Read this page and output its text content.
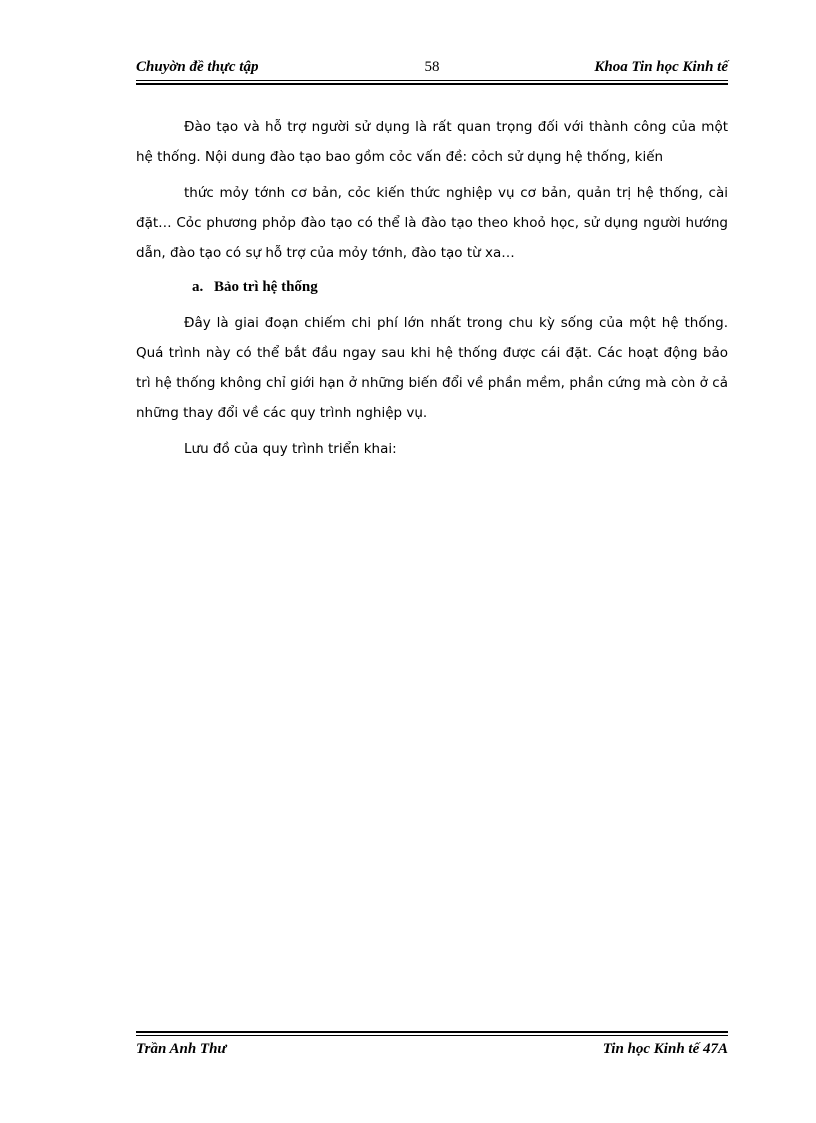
Chuyờn đề thực tập	58	Khoa Tin học Kinh tế

Đào tạo và hỗ trợ người sử dụng là rất quan trọng đối với thành công của một hệ thống. Nội dung đào tạo bao gồm cỏc vấn đề: cỏch sử dụng hệ thống, kiến

thức mỏy tớnh cơ bản, cỏc kiến thức nghiệp vụ cơ bản, quản trị hệ thống, cài đặt… Cỏc phương phỏp đào tạo có thể là đào tạo theo khoỏ học, sử dụng người hướng dẫn, đào tạo có sự hỗ trợ của mỏy tớnh, đào tạo từ xa…

a. Bảo trì hệ thống

Đây là giai đoạn chiếm chi phí lớn nhất trong chu kỳ sống của một hệ thống. Quá trình này có thể bắt đầu ngay sau khi hệ thống được cái đặt. Các hoạt động bảo trì hệ thống không chỉ giới hạn ở những biến đổi về phần mềm, phần cứng mà còn ở cả những thay đổi về các quy trình nghiệp vụ.

Lưu đồ của quy trình triển khai:

Trần Anh Thư	Tin học Kinh tế 47A
